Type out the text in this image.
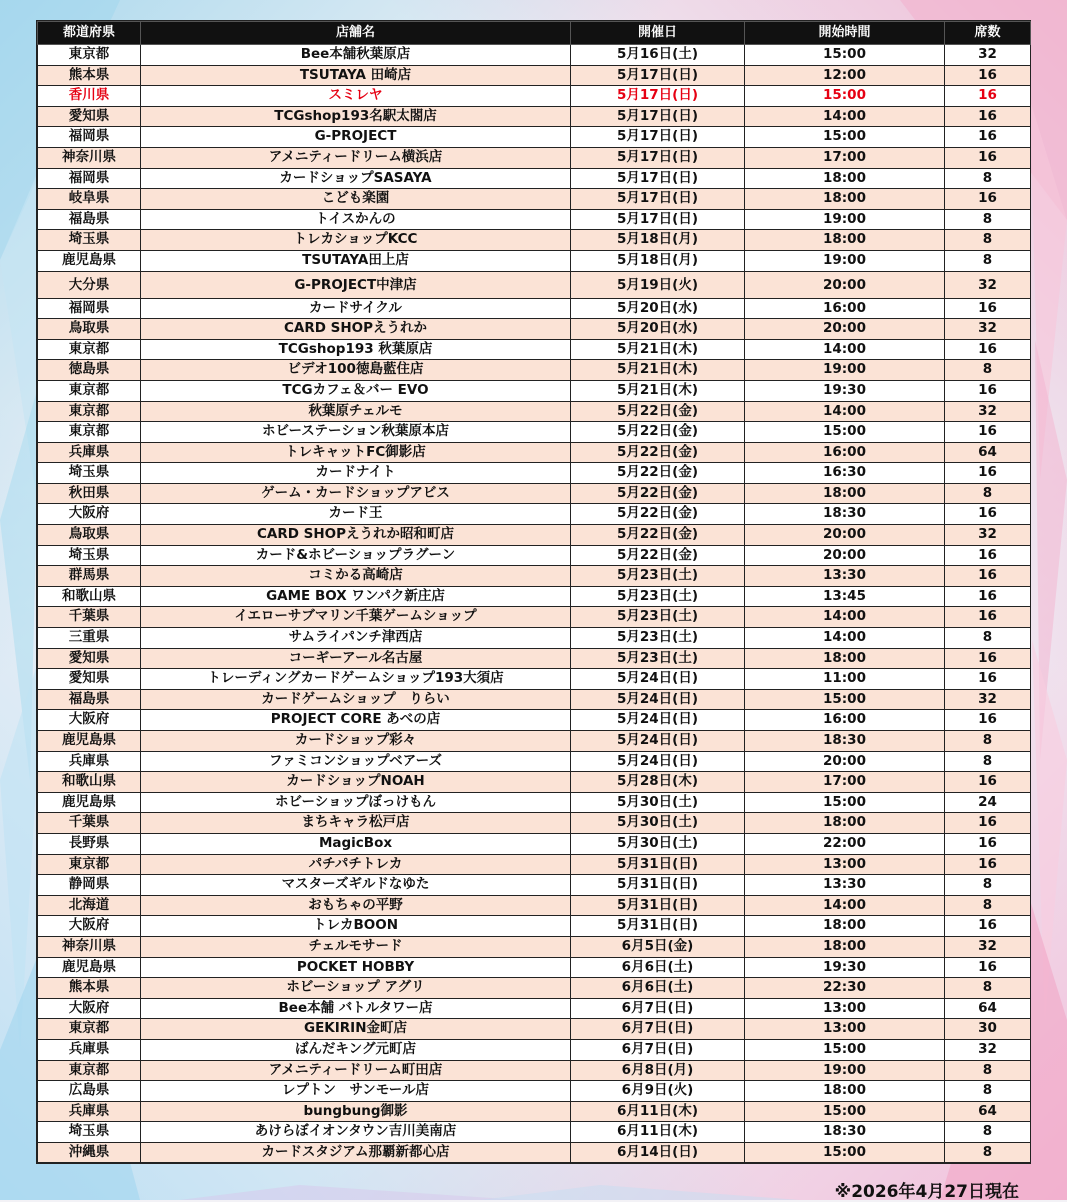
都道府県	店舗名	開催日	開始時間	席数
東京都	Bee本舗秋葉原店	5月16日(土)	15:00	32
熊本県	TSUTAYA 田崎店	5月17日(日)	12:00	16
香川県	スミレヤ	5月17日(日)	15:00	16
愛知県	TCGshop193名駅太閤店	5月17日(日)	14:00	16
福岡県	G-PROJECT	5月17日(日)	15:00	16
神奈川県	アメニティードリーム横浜店	5月17日(日)	17:00	16
福岡県	カードショップSASAYA	5月17日(日)	18:00	8
岐阜県	こども楽園	5月17日(日)	18:00	16
福島県	トイスかんの	5月17日(日)	19:00	8
埼玉県	トレカショップKCC	5月18日(月)	18:00	8
鹿児島県	TSUTAYA田上店	5月18日(月)	19:00	8
大分県	G-PROJECT中津店	5月19日(火)	20:00	32
福岡県	カードサイクル	5月20日(水)	16:00	16
鳥取県	CARD SHOPえうれか	5月20日(水)	20:00	32
東京都	TCGshop193 秋葉原店	5月21日(木)	14:00	16
徳島県	ビデオ100徳島藍住店	5月21日(木)	19:00	8
東京都	TCGカフェ＆バー EVO	5月21日(木)	19:30	16
東京都	秋葉原チェルモ	5月22日(金)	14:00	32
東京都	ホビーステーション秋葉原本店	5月22日(金)	15:00	16
兵庫県	トレキャットFC御影店	5月22日(金)	16:00	64
埼玉県	カードナイト	5月22日(金)	16:30	16
秋田県	ゲーム・カードショップアビス	5月22日(金)	18:00	8
大阪府	カード王	5月22日(金)	18:30	16
鳥取県	CARD SHOPえうれか昭和町店	5月22日(金)	20:00	32
埼玉県	カード&ホビーショップラグーン	5月22日(金)	20:00	16
群馬県	コミかる高崎店	5月23日(土)	13:30	16
和歌山県	GAME BOX ワンパク新庄店	5月23日(土)	13:45	16
千葉県	イエローサブマリン千葉ゲームショップ	5月23日(土)	14:00	16
三重県	サムライパンチ津西店	5月23日(土)	14:00	8
愛知県	コーギーアール名古屋	5月23日(土)	18:00	16
愛知県	トレーディングカードゲームショップ193大須店	5月24日(日)	11:00	16
福島県	カードゲームショップ　りらい	5月24日(日)	15:00	32
大阪府	PROJECT CORE あべの店	5月24日(日)	16:00	16
鹿児島県	カードショップ彩々	5月24日(日)	18:30	8
兵庫県	ファミコンショップベアーズ	5月24日(日)	20:00	8
和歌山県	カードショップNOAH	5月28日(木)	17:00	16
鹿児島県	ホビーショップぼっけもん	5月30日(土)	15:00	24
千葉県	まちキャラ松戸店	5月30日(土)	18:00	16
長野県	MagicBox	5月30日(土)	22:00	16
東京都	パチパチトレカ	5月31日(日)	13:00	16
静岡県	マスターズギルドなゆた	5月31日(日)	13:30	8
北海道	おもちゃの平野	5月31日(日)	14:00	8
大阪府	トレカBOON	5月31日(日)	18:00	16
神奈川県	チェルモサード	6月5日(金)	18:00	32
鹿児島県	POCKET HOBBY	6月6日(土)	19:30	16
熊本県	ホビーショップ アグリ	6月6日(土)	22:30	8
大阪府	Bee本舗 バトルタワー店	6月7日(日)	13:00	64
東京都	GEKIRIN金町店	6月7日(日)	13:00	30
兵庫県	ばんだキング元町店	6月7日(日)	15:00	32
東京都	アメニティードリーム町田店	6月8日(月)	19:00	8
広島県	レプトン　サンモール店	6月9日(火)	18:00	8
兵庫県	bungbung御影	6月11日(木)	15:00	64
埼玉県	あけらぼイオンタウン吉川美南店	6月11日(木)	18:30	8
沖縄県	カードスタジアム那覇新都心店	6月14日(日)	15:00	8
※2026年4月27日現在
